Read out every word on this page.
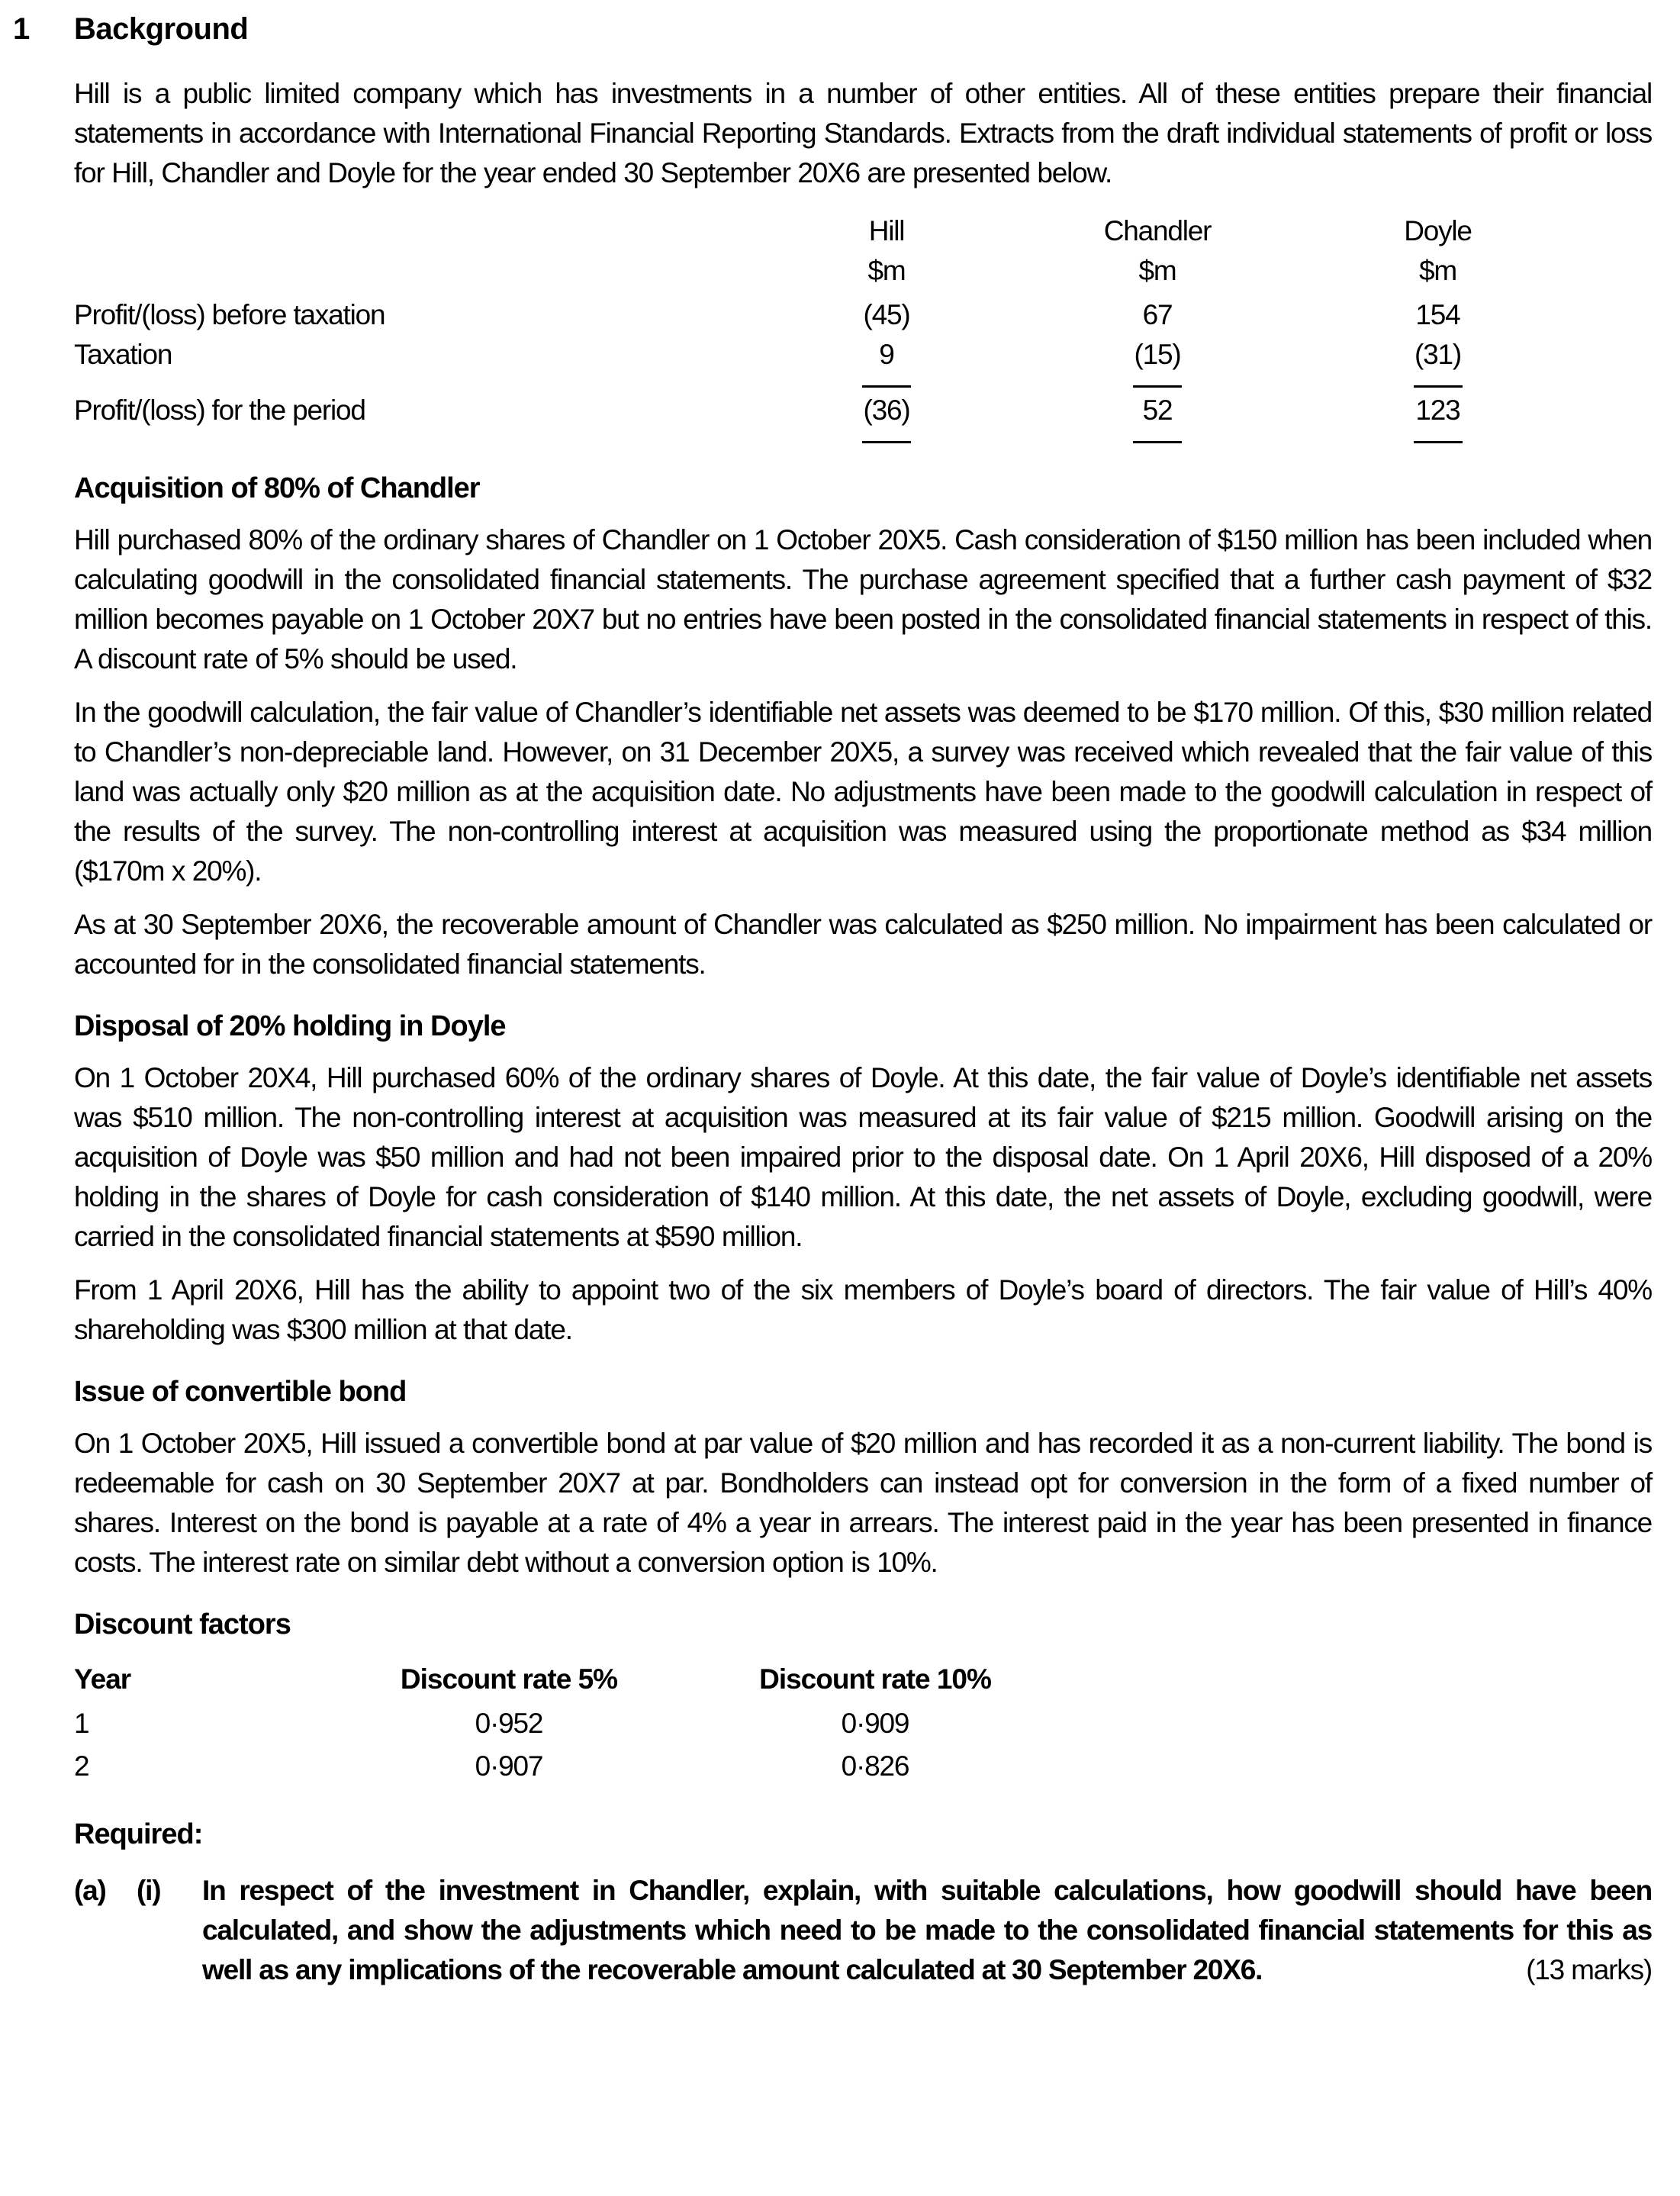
1 Background

Hill is a public limited company which has investments in a number of other entities. All of these entities prepare their financial statements in accordance with International Financial Reporting Standards. Extracts from the draft individual statements of profit or loss for Hill, Chandler and Doyle for the year ended 30 September 20X6 are presented below.

	Hill	Chandler	Doyle
	$m	$m	$m
Profit/(loss) before taxation	(45)	67	154
Taxation	9	(15)	(31)

Profit/(loss) for the period	(36)	52	123

Acquisition of 80% of Chandler

Hill purchased 80% of the ordinary shares of Chandler on 1 October 20X5. Cash consideration of $150 million has been included when calculating goodwill in the consolidated financial statements. The purchase agreement specified that a further cash payment of $32 million becomes payable on 1 October 20X7 but no entries have been posted in the consolidated financial statements in respect of this. A discount rate of 5% should be used.

In the goodwill calculation, the fair value of Chandler’s identifiable net assets was deemed to be $170 million. Of this, $30 million related to Chandler’s non-depreciable land. However, on 31 December 20X5, a survey was received which revealed that the fair value of this land was actually only $20 million as at the acquisition date. No adjustments have been made to the goodwill calculation in respect of the results of the survey. The non-controlling interest at acquisition was measured using the proportionate method as $34 million ($170m x 20%).

As at 30 September 20X6, the recoverable amount of Chandler was calculated as $250 million. No impairment has been calculated or accounted for in the consolidated financial statements.

Disposal of 20% holding in Doyle

On 1 October 20X4, Hill purchased 60% of the ordinary shares of Doyle. At this date, the fair value of Doyle’s identifiable net assets was $510 million. The non-controlling interest at acquisition was measured at its fair value of $215 million. Goodwill arising on the acquisition of Doyle was $50 million and had not been impaired prior to the disposal date. On 1 April 20X6, Hill disposed of a 20% holding in the shares of Doyle for cash consideration of $140 million. At this date, the net assets of Doyle, excluding goodwill, were carried in the consolidated financial statements at $590 million.

From 1 April 20X6, Hill has the ability to appoint two of the six members of Doyle’s board of directors. The fair value of Hill’s 40% shareholding was $300 million at that date.

Issue of convertible bond

On 1 October 20X5, Hill issued a convertible bond at par value of $20 million and has recorded it as a non-current liability. The bond is redeemable for cash on 30 September 20X7 at par. Bondholders can instead opt for conversion in the form of a fixed number of shares. Interest on the bond is payable at a rate of 4% a year in arrears. The interest paid in the year has been presented in finance costs. The interest rate on similar debt without a conversion option is 10%.

Discount factors
Year	Discount rate 5%	Discount rate 10%
1	0·952	0·909
2	0·907	0·826
Required:
(a)	(i)	In respect of the investment in Chandler, explain, with suitable calculations, how goodwill should have been calculated, and show the adjustments which need to be made to the consolidated financial statements for this as well as any implications of the recoverable amount calculated at 30 September 20X6.	(13 marks)
